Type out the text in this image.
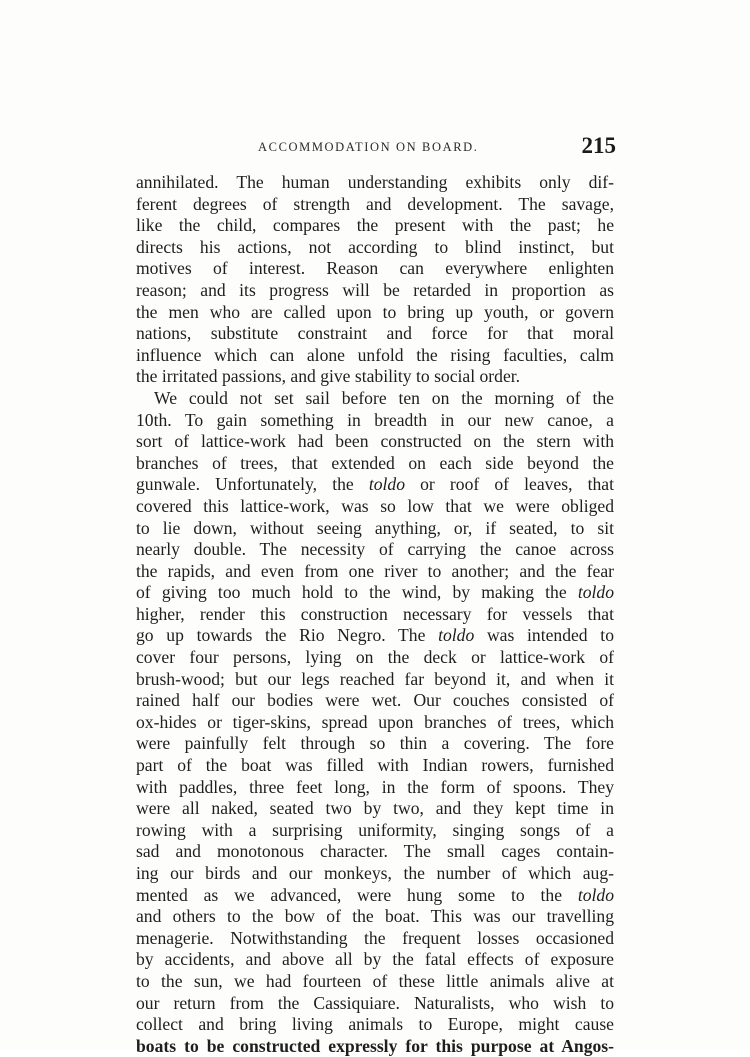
ACCOMMODATION ON BOARD.	215
annihilated. The human understanding exhibits only dif-
ferent degrees of strength and development. The savage,
like the child, compares the present with the past; he
directs his actions, not according to blind instinct, but
motives of interest. Reason can everywhere enlighten
reason; and its progress will be retarded in proportion as
the men who are called upon to bring up youth, or govern
nations, substitute constraint and force for that moral
influence which can alone unfold the rising faculties, calm
the irritated passions, and give stability to social order.
We could not set sail before ten on the morning of the
10th. To gain something in breadth in our new canoe, a
sort of lattice-work had been constructed on the stern with
branches of trees, that extended on each side beyond the
gunwale. Unfortunately, the toldo or roof of leaves, that
covered this lattice-work, was so low that we were obliged
to lie down, without seeing anything, or, if seated, to sit
nearly double. The necessity of carrying the canoe across
the rapids, and even from one river to another; and the fear
of giving too much hold to the wind, by making the toldo
higher, render this construction necessary for vessels that
go up towards the Rio Negro. The toldo was intended to
cover four persons, lying on the deck or lattice-work of
brush-wood; but our legs reached far beyond it, and when it
rained half our bodies were wet. Our couches consisted of
ox-hides or tiger-skins, spread upon branches of trees, which
were painfully felt through so thin a covering. The fore
part of the boat was filled with Indian rowers, furnished
with paddles, three feet long, in the form of spoons. They
were all naked, seated two by two, and they kept time in
rowing with a surprising uniformity, singing songs of a
sad and monotonous character. The small cages contain-
ing our birds and our monkeys, the number of which aug-
mented as we advanced, were hung some to the toldo
and others to the bow of the boat. This was our travelling
menagerie. Notwithstanding the frequent losses occasioned
by accidents, and above all by the fatal effects of exposure
to the sun, we had fourteen of these little animals alive at
our return from the Cassiquiare. Naturalists, who wish to
collect and bring living animals to Europe, might cause
boats to be constructed expressly for this purpose at Angos-
